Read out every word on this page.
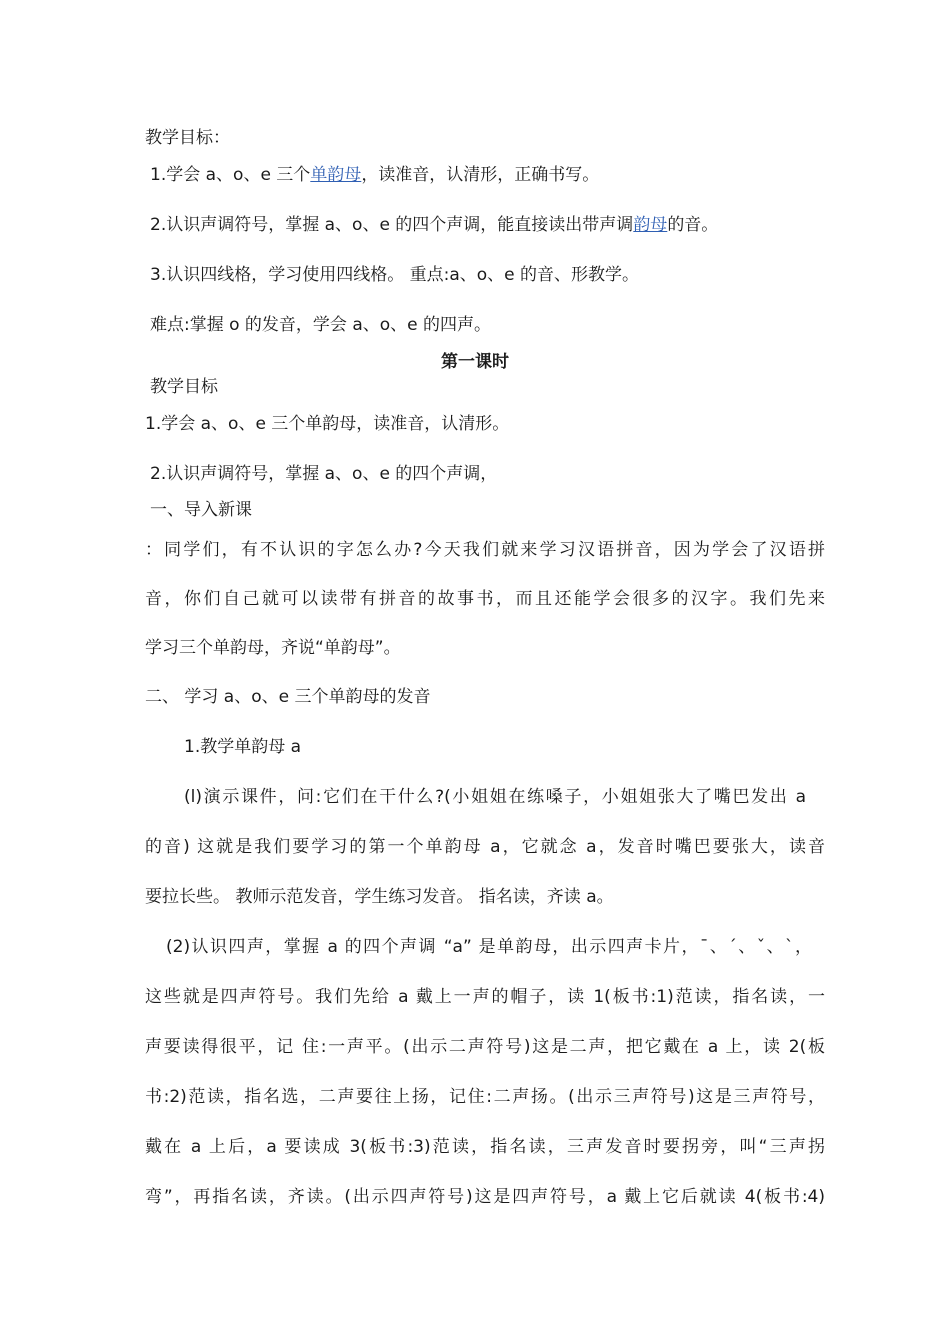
教学目标：
1.学会 a、o、e 三个单韵母，读准音，认清形，正确书写。
2.认识声调符号，掌握 a、o、e 的四个声调，能直接读出带声调韵母的音。
3.认识四线格，学习使用四线格。 重点:a、o、e 的音、形教学。
难点:掌握 o 的发音，学会 a、o、e 的四声。
第一课时
教学目标
1.学会 a、o、e 三个单韵母，读准音，认清形。
2.认识声调符号，掌握 a、o、e 的四个声调，
一、导入新课
：同学们，有不认识的字怎么办?今天我们就来学习汉语拼音，因为学会了汉语拼
音，你们自己就可以读带有拼音的故事书，而且还能学会很多的汉字。我们先来
学习三个单韵母，齐说“单韵母”。
二、 学习 a、o、e 三个单韵母的发音
1.教学单韵母 a
(l)演示课件，问:它们在干什么?(小姐姐在练嗓子，小姐姐张大了嘴巴发出 a
的音) 这就是我们要学习的第一个单韵母 a，它就念 a，发音时嘴巴要张大，读音
要拉长些。 教师示范发音，学生练习发音。 指名读，齐读 a。
(2)认识四声，掌握 a 的四个声调 “a” 是单韵母，出示四声卡片，ˉ、ˊ、ˇ、ˋ，
这些就是四声符号。我们先给 a 戴上一声的帽子，读 1(板书:1)范读，指名读，一
声要读得很平，记 住:一声平。(出示二声符号)这是二声，把它戴在 a 上，读 2(板
书:2)范读，指名选，二声要往上扬，记住:二声扬。(出示三声符号)这是三声符号，
戴在 a 上后，a 要读成 3(板书:3)范读，指名读，三声发音时要拐旁，叫“三声拐
弯”，再指名读，齐读。(出示四声符号)这是四声符号，a 戴上它后就读 4(板书:4)
